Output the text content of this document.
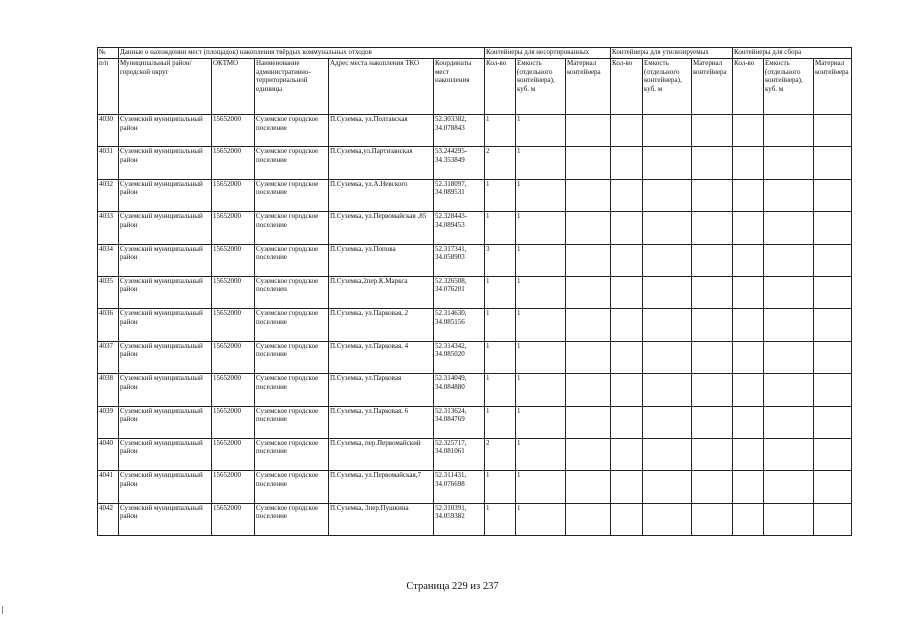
№	Данные о нахождении мест (площадок) накопления твёрдых коммунальных отходов					Контейнеры для несортированных			Контейнеры для утилизируемых			Контейнеры для сбора		
п/п	Муниципальный район/городской округ	ОКТМО	Наименование административно-территориальной единицы	Адрес места накопления ТКО	Координаты мест накопления	Кол-во	Емкость (отдельного контейнера), куб. м	Материал контейнера	Кол-во	Емкость (отдельного контейнера), куб. м	Материал контейнера	Кол-во	Емкость (отдельного контейнера), куб. м	Материал контейнера
4030	Суземский муниципальный район	15652000	Суземское городское поселение	П.Суземка, ул.Полтавская	52.303382, 34.078843	1	1							
4031	Суземский муниципальный район	15652000	Суземское городское поселение	П.Суземка,ул.Партизанская	53.244295-34.353849	2	1							
4032	Суземский муниципальный район	15652000	Суземское городское поселение	П.Суземка, ул.А.Невского	52.318097, 34.089531	1	1							
4033	Суземский муниципальный район	15652000	Суземское городское поселение	П.Суземка, ул.Первомайская ,85	52.328443-34.089453	1	1							
4034	Суземский муниципальный район	15652000	Суземское городское поселение	П.Суземка, ул.Попова	52.317341, 34.058903	3	1							
4035	Суземский муниципальный район	15652000	Суземское городское поселенен	П.Суземка,2пер.К.Маркса	52.326508, 34.076201	1	1							
4036	Суземский муниципальный район	15652000	Суземское городское поселение	П.Суземка, ул.Парковая, 2	52.314630, 34.085156	1	1							
4037	Суземский муниципальный район	15652000	Суземское городское поселение	П.Суземка, ул.Парковая, 4	52.314342, 34.085020	1	1							
4038	Суземский муниципальный район	15652000	Суземское городское поселение	П.Суземка, ул.Парковая	52.314049, 34.084880	1	1							
4039	Суземский муниципальный район	15652000	Суземское городское поселение	П.Суземка, ул.Парковая, 6	52.313624, 34.084769	1	1							
4040	Суземский муниципальный район	15652000	Суземское городское поселение	П.Суземка, пер.Первомайский	52.325717, 34.081061	2	1							
4041	Суземский муниципальный район	15652000	Суземское городское поселение	П.Суземка, ул.Первомайская,7	52.311431, 34.076698	1	1							
4042	Суземский муниципальный район	15652000	Суземское городское поселение	П.Суземка, 3пер.Пушкина	52.310391, 34.059382	1	1							
Страница 229 из 237
